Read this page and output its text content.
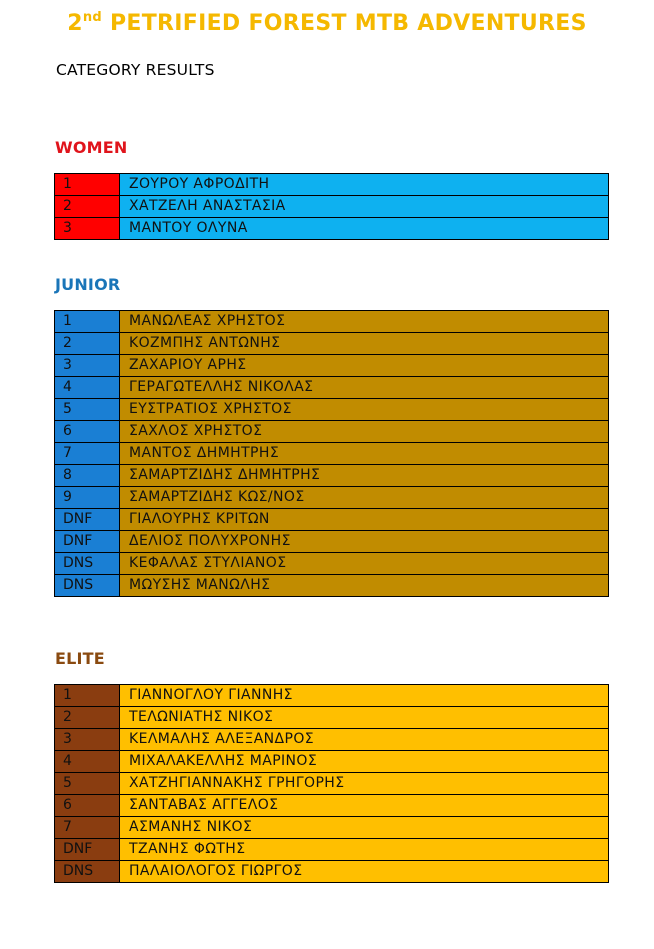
2nd PETRIFIED FOREST MTB ADVENTURES
CATEGORY RESULTS
WOMEN
1	ΖΟΥΡΟΥ ΑΦΡΟΔΙΤΗ
2	ΧΑΤΖΕΛΗ ΑΝΑΣΤΑΣΙΑ
3	ΜΑΝΤΟΥ ΟΛΥΝΑ
JUNIOR
1	ΜΑΝΩΛΕΑΣ ΧΡΗΣΤΟΣ
2	ΚΟΖΜΠΗΣ ΑΝΤΩΝΗΣ
3	ΖΑΧΑΡΙΟΥ ΑΡΗΣ
4	ΓΕΡΑΓΩΤΕΛΛΗΣ ΝΙΚΟΛΑΣ
5	ΕΥΣΤΡΑΤΙΟΣ ΧΡΗΣΤΟΣ
6	ΣΑΧΛΟΣ ΧΡΗΣΤΟΣ
7	ΜΑΝΤΟΣ ΔΗΜΗΤΡΗΣ
8	ΣΑΜΑΡΤΖΙΔΗΣ ΔΗΜΗΤΡΗΣ
9	ΣΑΜΑΡΤΖΙΔΗΣ ΚΩΣ/ΝΟΣ
DNF	ΓΙΑΛΟΥΡΗΣ ΚΡΙΤΩΝ
DNF	ΔΕΛΙΟΣ ΠΟΛΥΧΡΟΝΗΣ
DNS	ΚΕΦΑΛΑΣ ΣΤΥΛΙΑΝΟΣ
DNS	ΜΩΥΣΗΣ ΜΑΝΩΛΗΣ
ELITE
1	ΓΙΑΝΝΟΓΛΟΥ ΓΙΑΝΝΗΣ
2	ΤΕΛΩΝΙΑΤΗΣ ΝΙΚΟΣ
3	ΚΕΛΜΑΛΗΣ ΑΛΕΞΑΝΔΡΟΣ
4	ΜΙΧΑΛΑΚΕΛΛΗΣ ΜΑΡΙΝΟΣ
5	ΧΑΤΖΗΓΙΑΝΝΑΚΗΣ ΓΡΗΓΟΡΗΣ
6	ΣΑΝΤΑΒΑΣ ΑΓΓΕΛΟΣ
7	ΑΣΜΑΝΗΣ ΝΙΚΟΣ
DNF	ΤΖΑΝΗΣ ΦΩΤΗΣ
DNS	ΠΑΛΑΙΟΛΟΓΟΣ ΓΙΩΡΓΟΣ
